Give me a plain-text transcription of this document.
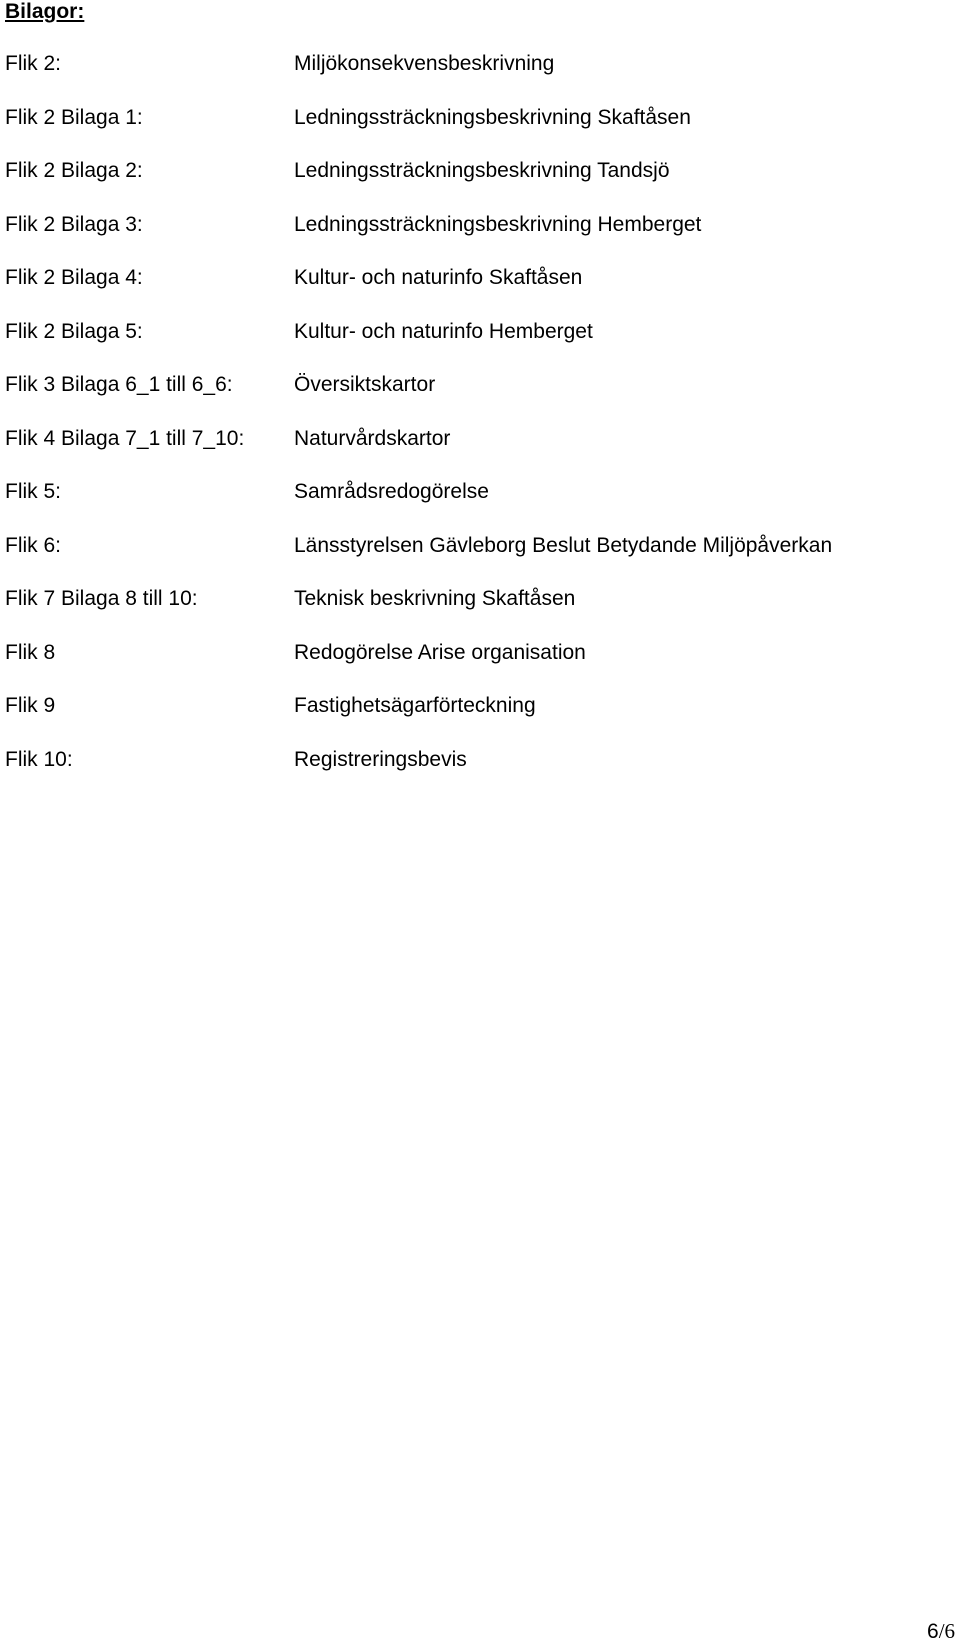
Bilagor:
Flik 2:	Miljökonsekvensbeskrivning
Flik 2 Bilaga 1:	Ledningssträckningsbeskrivning Skaftåsen
Flik 2 Bilaga 2:	Ledningssträckningsbeskrivning Tandsjö
Flik 2 Bilaga 3:	Ledningssträckningsbeskrivning Hemberget
Flik 2 Bilaga 4:	Kultur- och naturinfo Skaftåsen
Flik 2 Bilaga 5:	Kultur- och naturinfo Hemberget
Flik 3 Bilaga 6_1 till 6_6:	Översiktskartor
Flik 4 Bilaga 7_1 till 7_10: Naturvårdskartor
Flik 5:	Samrådsredogörelse
Flik 6:	Länsstyrelsen Gävleborg Beslut Betydande Miljöpåverkan
Flik 7 Bilaga 8 till 10:	Teknisk beskrivning Skaftåsen
Flik 8	Redogörelse Arise organisation
Flik 9	Fastighetsägarförteckning
Flik 10:	Registreringsbevis
6/6
